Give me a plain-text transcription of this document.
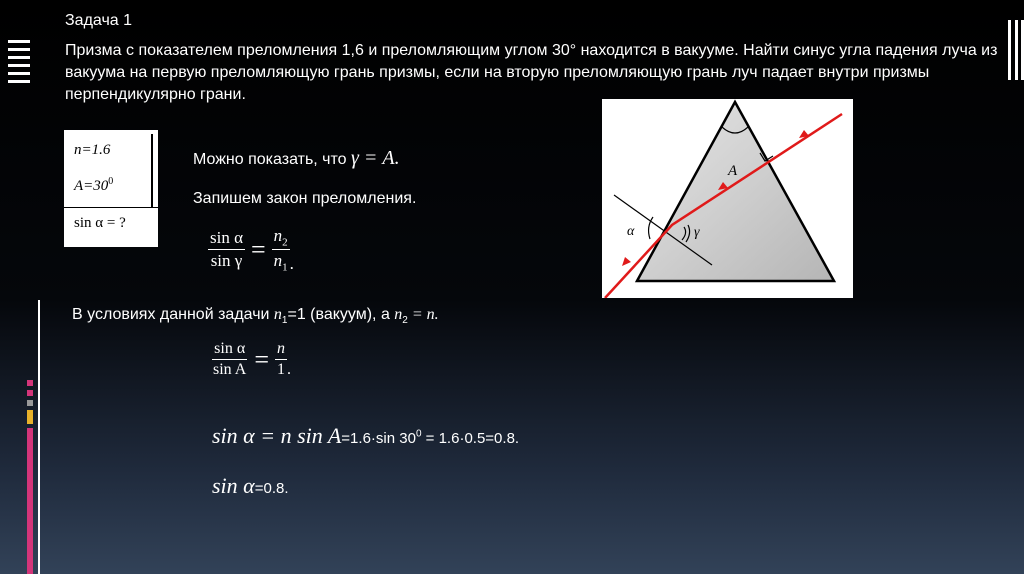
Задача 1
Призма с показателем преломления 1,6 и преломляющим углом 30° находится в вакууме. Найти синус угла падения луча из вакуума на первую преломляющую грань призмы, если на вторую преломляющую грань луч падает внутри призмы перпендикулярно грани.
n=1.6
$A=30^0$
sin α = ?
Можно показать, что γ = A.
Запишем закон преломления.
$\frac{\text{sin α}}{\text{sin γ}} = \frac{n_2}{n_1}$ .
В условиях данной задачи $n_1=1$ (вакуум), а $n_2 = n$.
$\frac{\text{sin α}}{\text{sin A}} = \frac{n}{1}$ .
sin α = n sin A=1.6·sin $30^0 = 1.6\cdot 0.5=0.8$.
sin α=0.8.
A
α	γ
